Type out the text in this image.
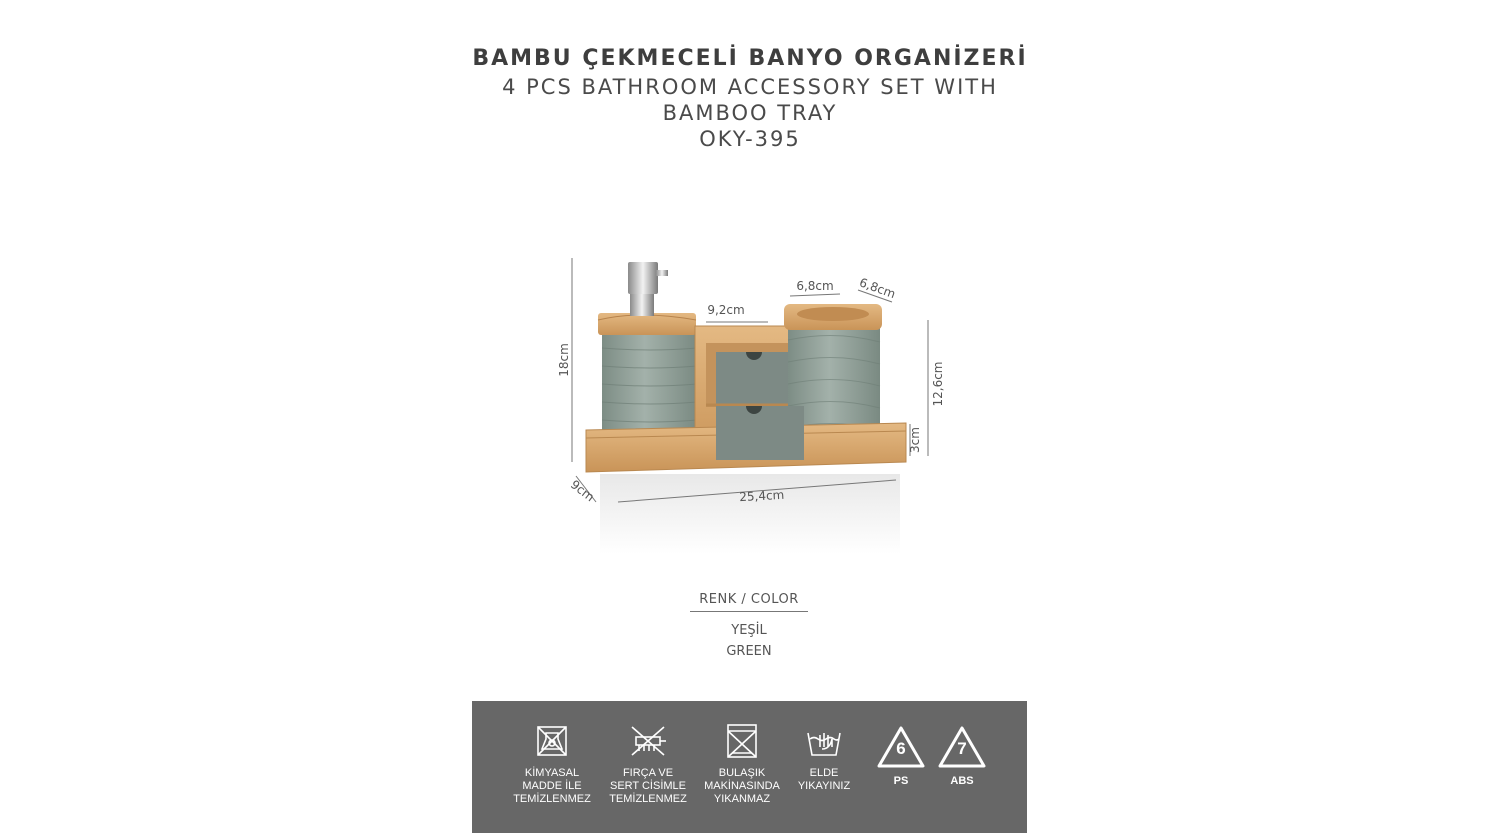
BAMBU ÇEKMECELİ BANYO ORGANİZERİ
4 PCS BATHROOM ACCESSORY SET WITH BAMBOO TRAY
OKY-395
18cm
9,2cm
6,8cm 6,8cm
12,6cm
3cm
9cm	25,4cm
RENK / COLOR
YEŞİL
GREEN
KİMYASAL
MADDE İLE
TEMİZLENMEZ
FIRÇA VE
SERT CİSİMLE
TEMİZLENMEZ
BULAŞIK
MAKİNASINDA
YIKANMAZ
ELDE
YIKAYINIZ
6
PS
7
ABS
